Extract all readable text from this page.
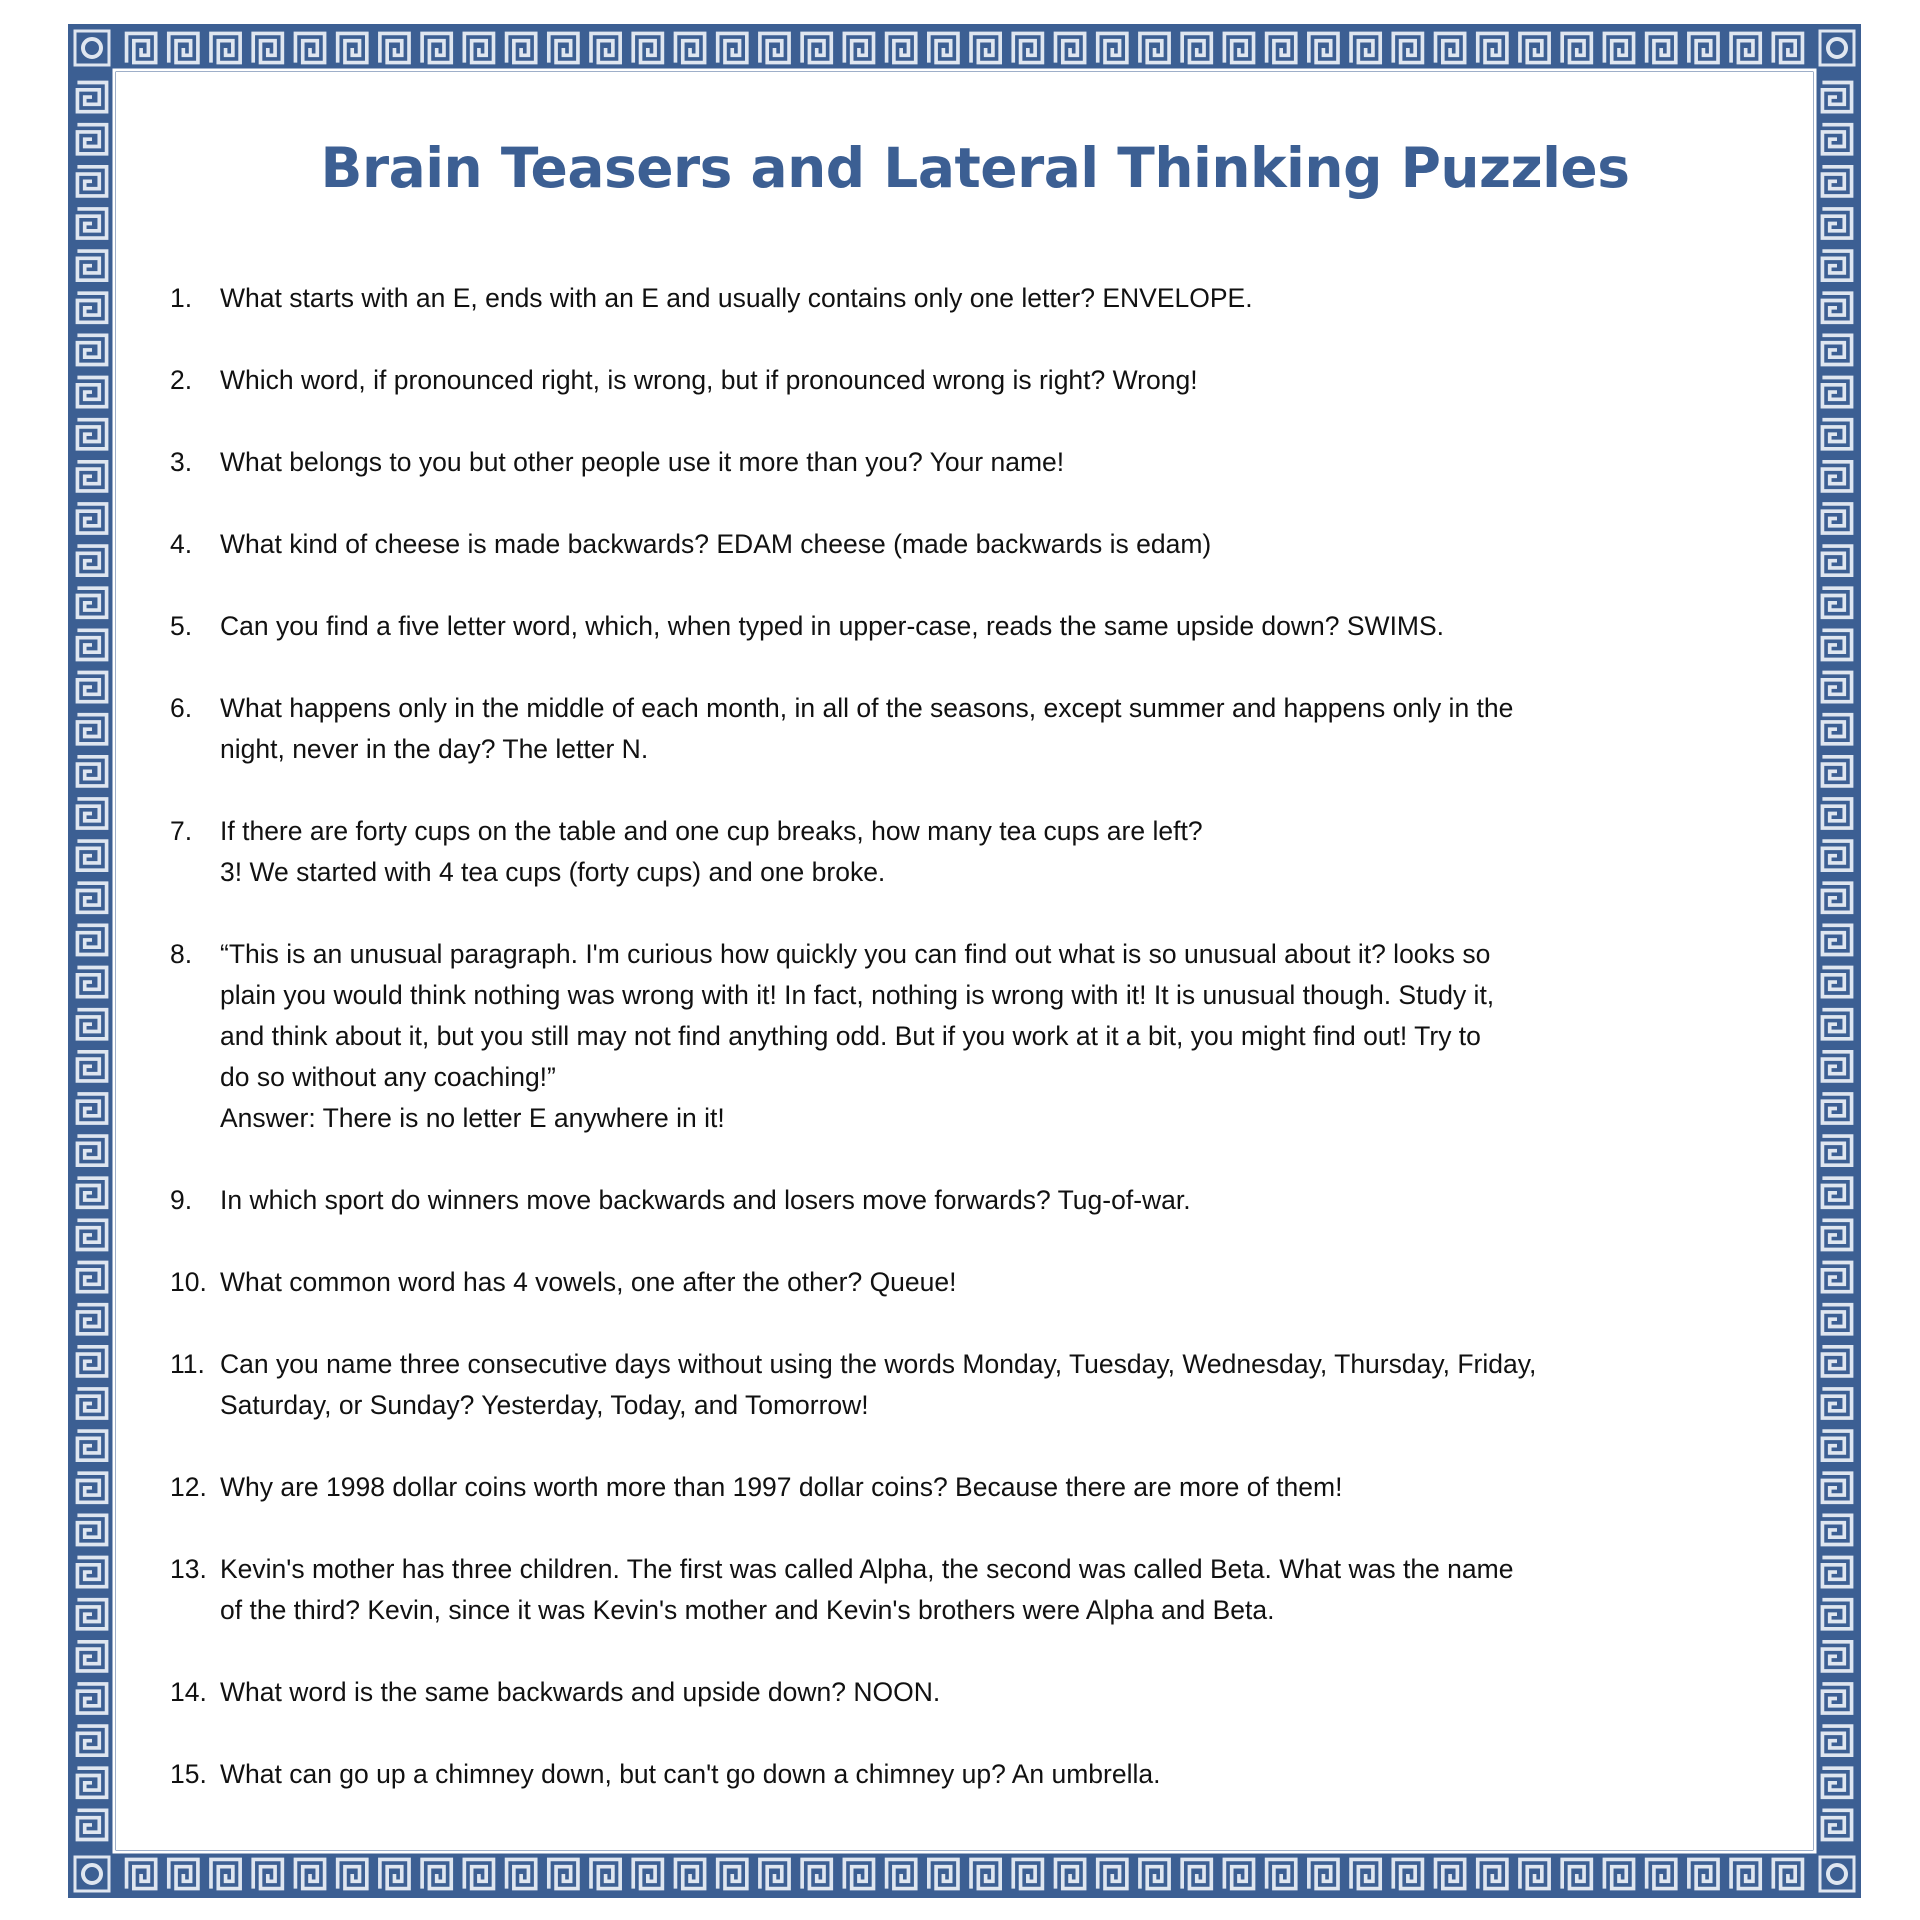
Brain Teasers and Lateral Thinking Puzzles
1.	What starts with an E, ends with an E and usually contains only one letter? ENVELOPE.
2.	Which word, if pronounced right, is wrong, but if pronounced wrong is right? Wrong!
3.	What belongs to you but other people use it more than you? Your name!
4.	What kind of cheese is made backwards? EDAM cheese (made backwards is edam)
5.	Can you find a five letter word, which, when typed in upper-case, reads the same upside down? SWIMS.
6.	What happens only in the middle of each month, in all of the seasons, except summer and happens only in the
night, never in the day? The letter N.
7.	If there are forty cups on the table and one cup breaks, how many tea cups are left?
3! We started with 4 tea cups (forty cups) and one broke.
8.	“This is an unusual paragraph. I'm curious how quickly you can find out what is so unusual about it? looks so
plain you would think nothing was wrong with it! In fact, nothing is wrong with it! It is unusual though. Study it,
and think about it, but you still may not find anything odd. But if you work at it a bit, you might find out! Try to
do so without any coaching!”
Answer: There is no letter E anywhere in it!
9.	In which sport do winners move backwards and losers move forwards? Tug-of-war.
10. What common word has 4 vowels, one after the other? Queue!
11. Can you name three consecutive days without using the words Monday, Tuesday, Wednesday, Thursday, Friday,
Saturday, or Sunday? Yesterday, Today, and Tomorrow!
12. Why are 1998 dollar coins worth more than 1997 dollar coins? Because there are more of them!
13. Kevin's mother has three children. The first was called Alpha, the second was called Beta. What was the name
of the third? Kevin, since it was Kevin's mother and Kevin's brothers were Alpha and Beta.
14. What word is the same backwards and upside down? NOON.
15. What can go up a chimney down, but can't go down a chimney up? An umbrella.
